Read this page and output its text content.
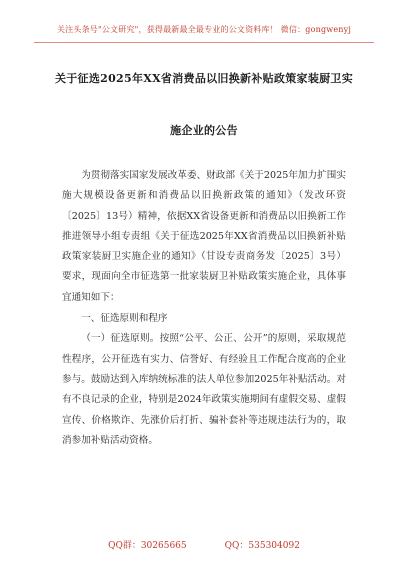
关注头条号"公文研究"，获得最新最全最专业的公文资料库！ 微信：gongwenyj
关于征选2025年XX省消费品以旧换新补贴政策家装厨卫实
施企业的公告

为贯彻落实国家发展改革委、财政部《关于2025年加力扩围实施大规模设备更新和消费品以旧换新政策的通知》（发改环资〔2025〕13号）精神，依据XX省设备更新和消费品以旧换新工作推进领导小组专责组《关于征选2025年XX省消费品以旧换新补贴政策家装厨卫实施企业的通知》（甘设专责商务发〔2025〕3号）要求，现面向全市征选第一批家装厨卫补贴政策实施企业，具体事宜通知如下：

一、征选原则和程序

（一）征选原则。按照“公平、公正、公开”的原则，采取规范性程序，公开征选有实力、信誉好、有经验且工作配合度高的企业参与。鼓励达到入库纳统标准的法人单位参加2025年补贴活动。对有不良记录的企业，特别是2024年政策实施期间有虚假交易、虚假宣传、价格欺诈、先涨价后打折、骗补套补等违规违法行为的，取消参加补贴活动资格。

QQ群：30265665	QQ：535304092
